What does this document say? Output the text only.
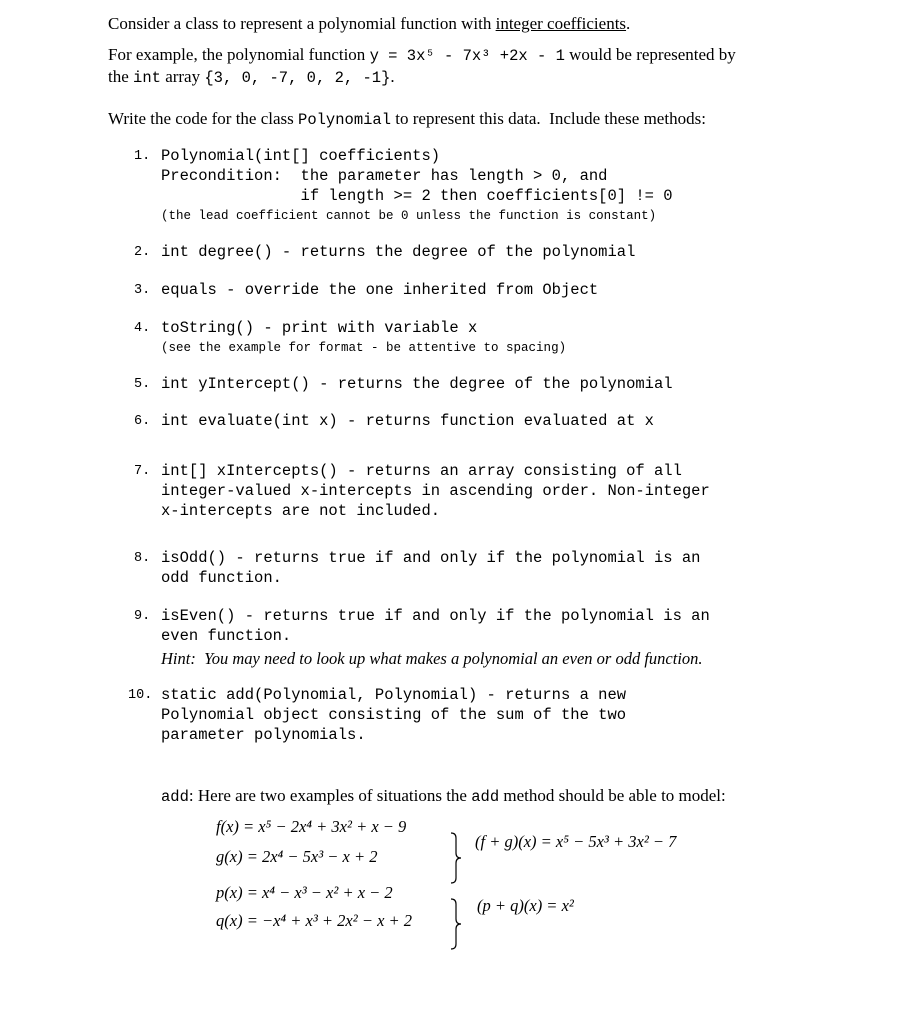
Consider a class to represent a polynomial function with integer coefficients.
For example, the polynomial function y = 3x⁵ - 7x³ +2x - 1 would be represented by
the int array {3, 0, -7, 0, 2, -1}.
Write the code for the class Polynomial to represent this data.  Include these methods:
1. Polynomial(int[] coefficients)
Precondition:  the parameter has length > 0, and
if length >= 2 then coefficients[0] != 0
(the lead coefficient cannot be 0 unless the function is constant)
2. int degree() - returns the degree of the polynomial
3. equals - override the one inherited from Object
4. toString() - print with variable x
(see the example for format - be attentive to spacing)
5. int yIntercept() - returns the degree of the polynomial
6. int evaluate(int x) - returns function evaluated at x
7. int[] xIntercepts() - returns an array consisting of all
integer-valued x-intercepts in ascending order. Non-integer
x-intercepts are not included.
8. isOdd() - returns true if and only if the polynomial is an
odd function.
9. isEven() - returns true if and only if the polynomial is an
even function.
Hint:  You may need to look up what makes a polynomial an even or odd function.
10. static add(Polynomial, Polynomial) - returns a new
Polynomial object consisting of the sum of the two
parameter polynomials.
add: Here are two examples of situations the add method should be able to model:
f(x) = x⁵ − 2x⁴ + 3x² + x − 9
g(x) = 2x⁴ − 5x³ − x + 2

(f + g)(x) = x⁵ − 5x³ + 3x² − 7
p(x) = x⁴ − x³ − x² + x − 2
q(x) = −x⁴ + x³ + 2x² − x + 2

(p + q)(x) = x²
